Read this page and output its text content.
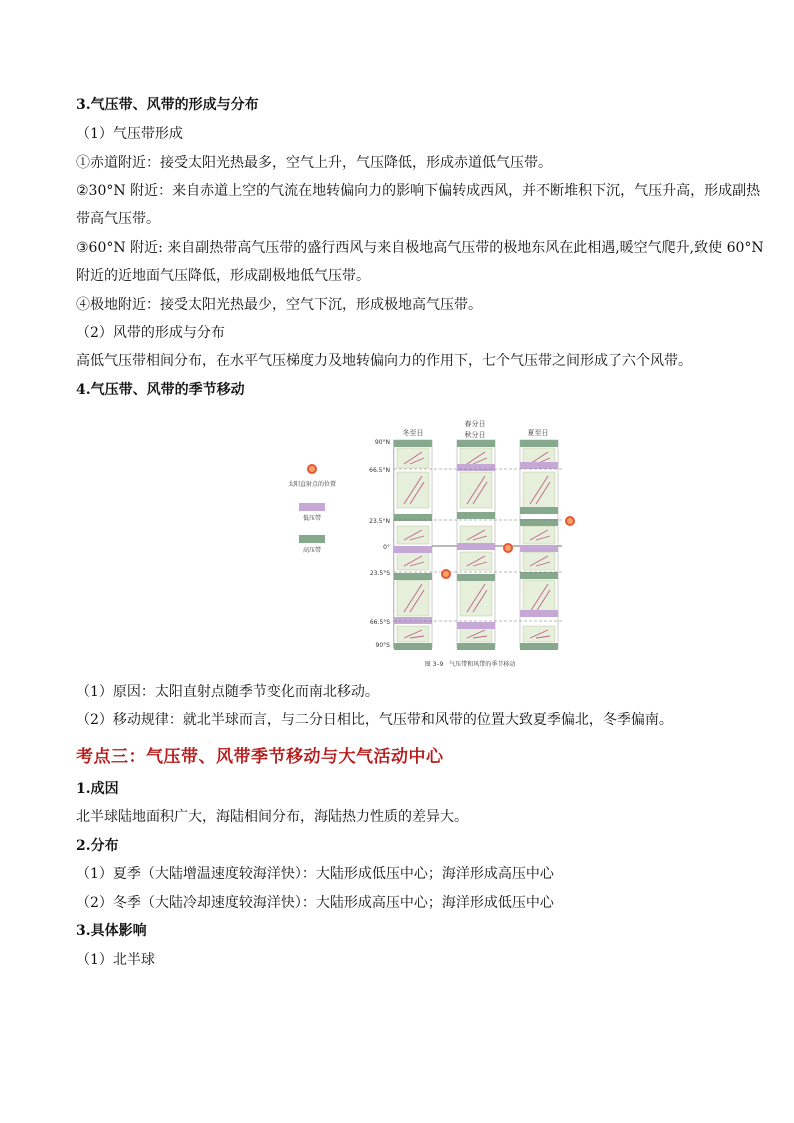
3.气压带、风带的形成与分布
（1）气压带形成
①赤道附近：接受太阳光热最多，空气上升，气压降低，形成赤道低气压带。
②30°N 附近：来自赤道上空的气流在地转偏向力的影响下偏转成西风，并不断堆积下沉，气压升高，形成副热
带高气压带。
③60°N 附近: 来自副热带高气压带的盛行西风与来自极地高气压带的极地东风在此相遇,暖空气爬升,致使 60°N
附近的近地面气压降低，形成副极地低气压带。
④极地附近：接受太阳光热最少，空气下沉，形成极地高气压带。
（2）风带的形成与分布
高低气压带相间分布，在水平气压梯度力及地转偏向力的作用下，七个气压带之间形成了六个风带。
4.气压带、风带的季节移动
冬至日
春分日
秋分日	夏至日
90°N
66.5°N
23.5°N
0°
23.5°S
66.5°S
90°S
太阳直射点的位置
低压带
高压带
图 3–9　气压带和风带的季节移动
（1）原因：太阳直射点随季节变化而南北移动。
（2）移动规律：就北半球而言，与二分日相比，气压带和风带的位置大致夏季偏北，冬季偏南。
考点三：气压带、风带季节移动与大气活动中心
1.成因
北半球陆地面积广大，海陆相间分布，海陆热力性质的差异大。
2.分布
（1）夏季（大陆增温速度较海洋快）：大陆形成低压中心；海洋形成高压中心
（2）冬季（大陆冷却速度较海洋快）：大陆形成高压中心；海洋形成低压中心
3.具体影响
（1）北半球
